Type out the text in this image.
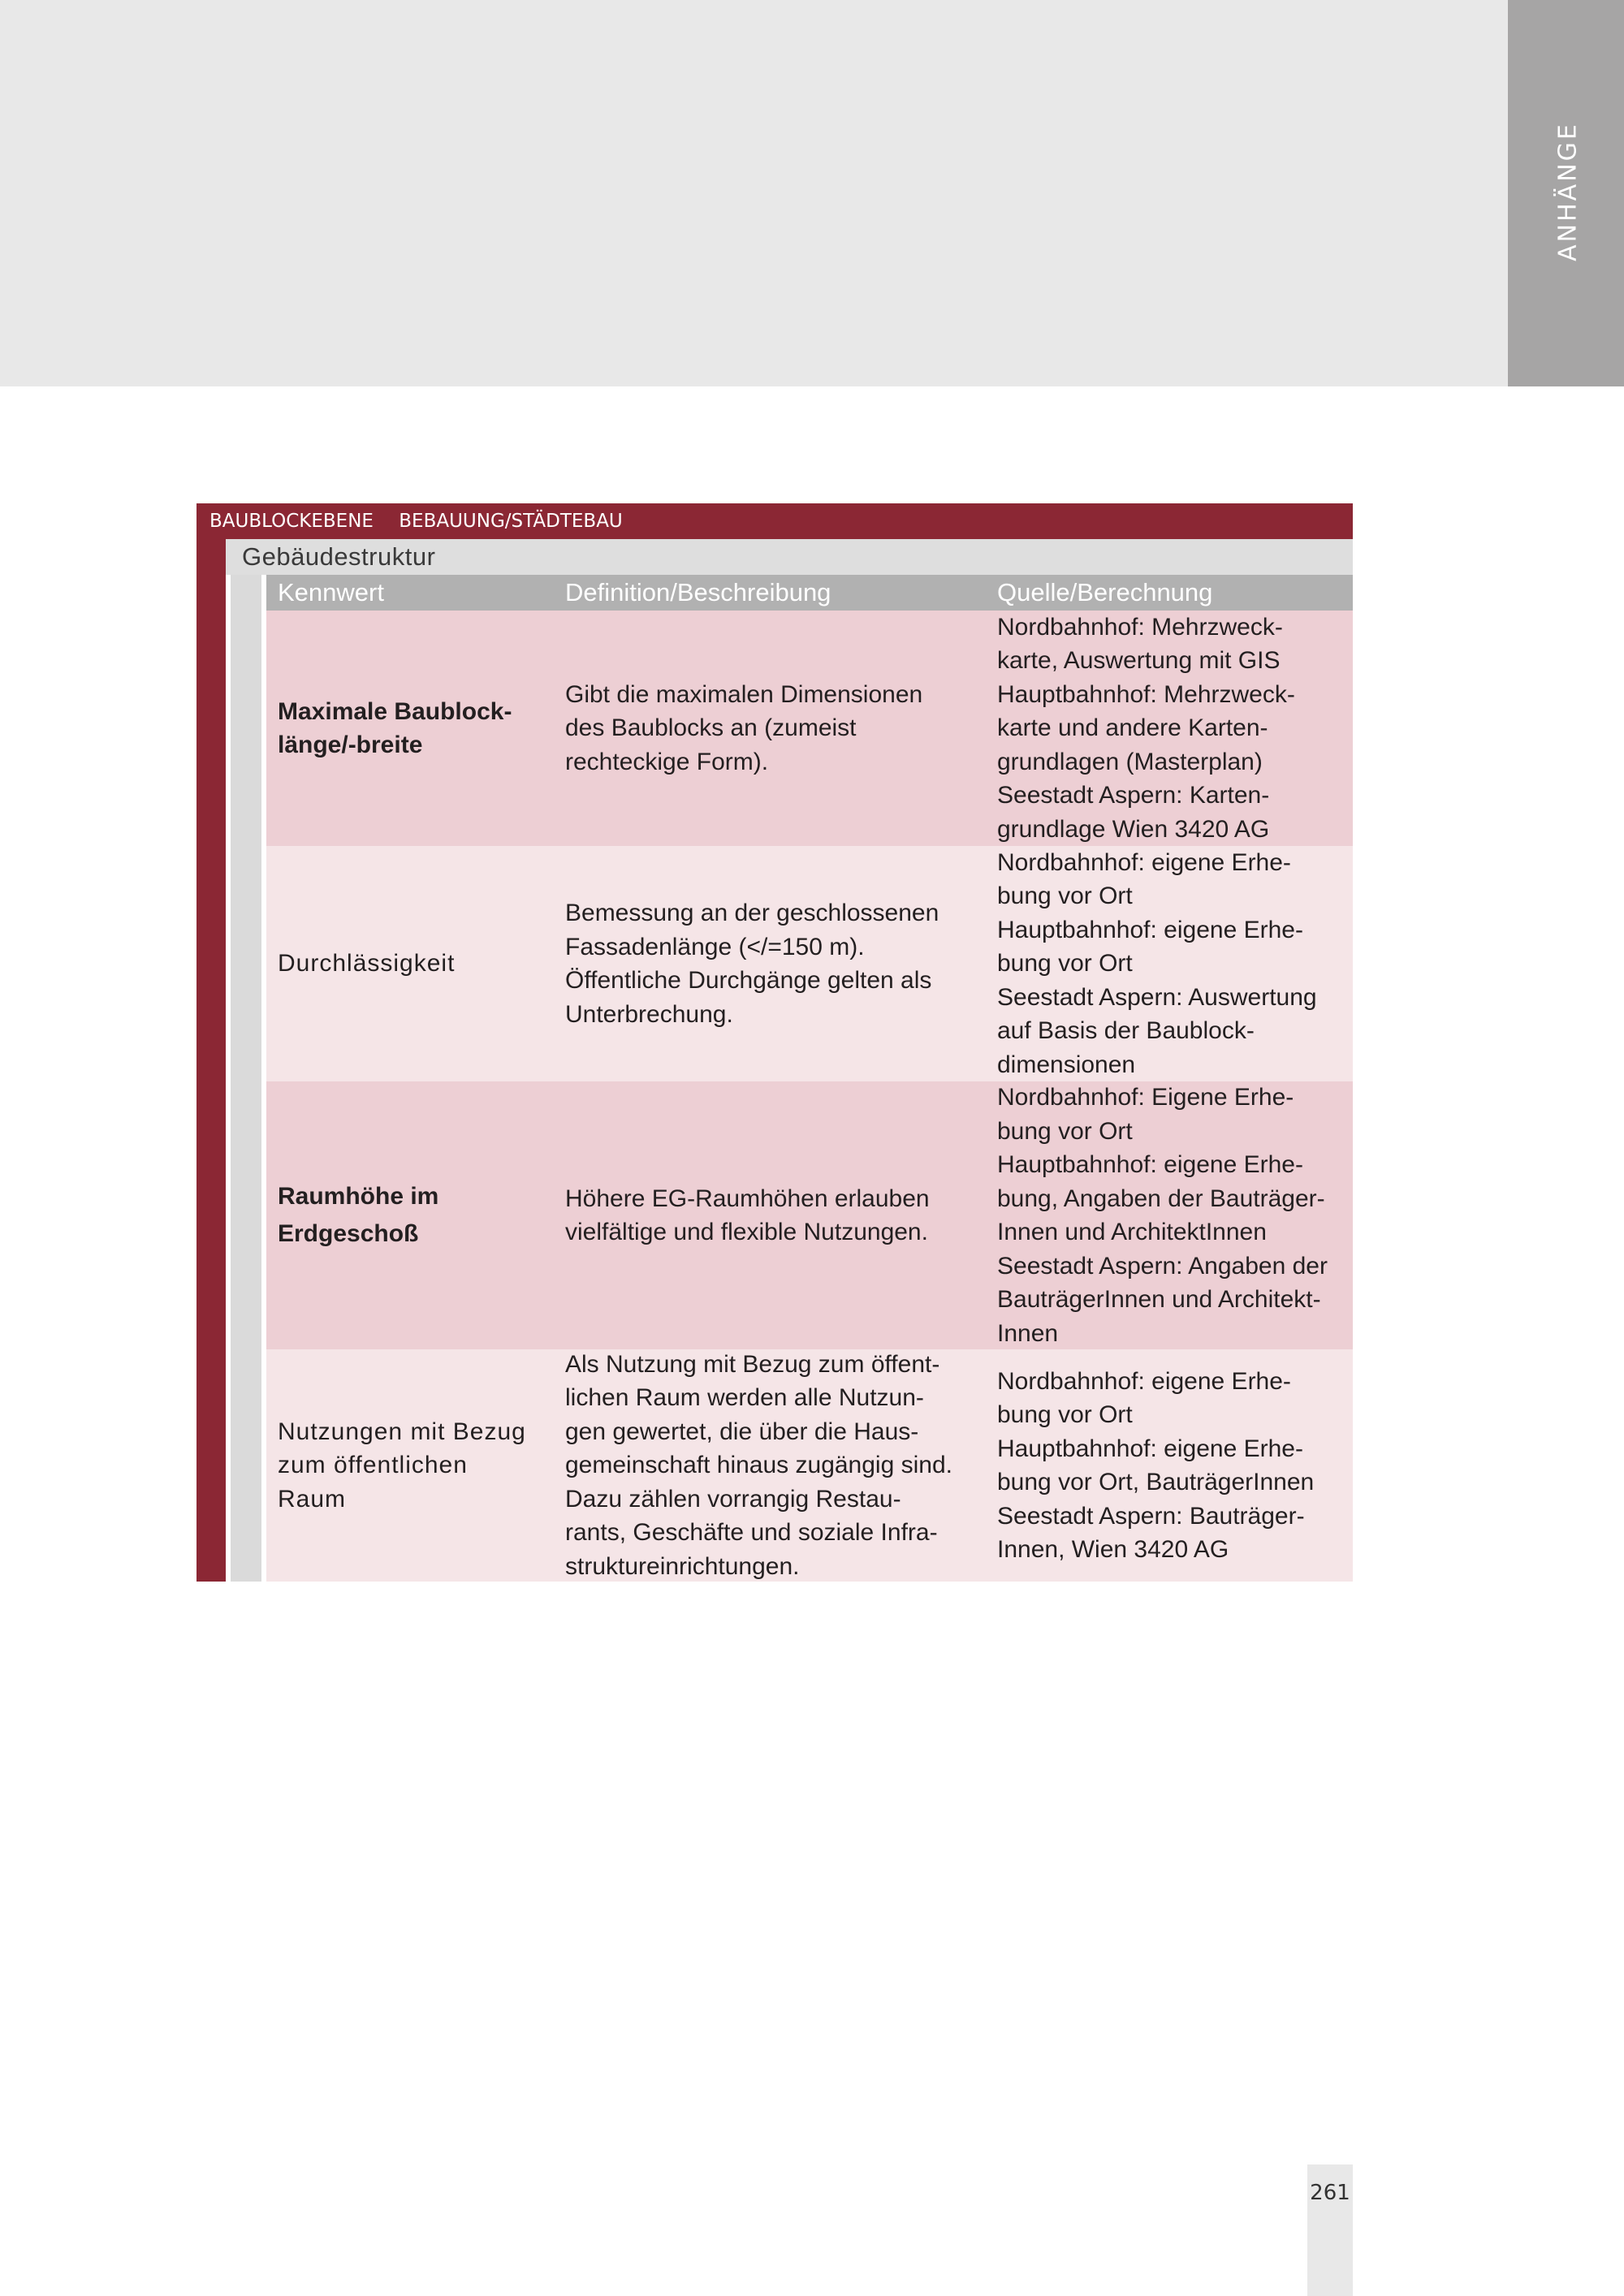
ANHÄNGE
BAUBLOCKEBENE BEBAUUNG/STÄDTEBAU
Gebäudestruktur
Kennwert	Definition/Beschreibung	Quelle/Berechnung
Maximale Baublock-
länge/-breite
Gibt die maximalen Dimensionen
des Baublocks an (zumeist
rechteckige Form).
Nordbahnhof: Mehrzweck-
karte, Auswertung mit GIS
Hauptbahnhof: Mehrzweck-
karte und andere Karten-
grundlagen (Masterplan)
Seestadt Aspern: Karten-
grundlage Wien 3420 AG
Durchlässigkeit
Bemessung an der geschlossenen
Fassadenlänge (</=150 m).
Öffentliche Durchgänge gelten als
Unterbrechung.
Nordbahnhof: eigene Erhe-
bung vor Ort
Hauptbahnhof: eigene Erhe-
bung vor Ort
Seestadt Aspern: Auswertung
auf Basis der Baublock-
dimensionen
Raumhöhe im
Erdgeschoß
Höhere EG-Raumhöhen erlauben
vielfältige und flexible Nutzungen.
Nordbahnhof: Eigene Erhe-
bung vor Ort
Hauptbahnhof: eigene Erhe-
bung, Angaben der Bauträger-
Innen und ArchitektInnen
Seestadt Aspern: Angaben der
BauträgerInnen und Architekt-
Innen
Nutzungen mit Bezug
zum öffentlichen
Raum
Als Nutzung mit Bezug zum öffent-
lichen Raum werden alle Nutzun-
gen gewertet, die über die Haus-
gemeinschaft hinaus zugängig sind.
Dazu zählen vorrangig Restau-
rants, Geschäfte und soziale Infra-
struktureinrichtungen.
Nordbahnhof: eigene Erhe-
bung vor Ort
Hauptbahnhof: eigene Erhe-
bung vor Ort, BauträgerInnen
Seestadt Aspern: Bauträger-
Innen, Wien 3420 AG
261
